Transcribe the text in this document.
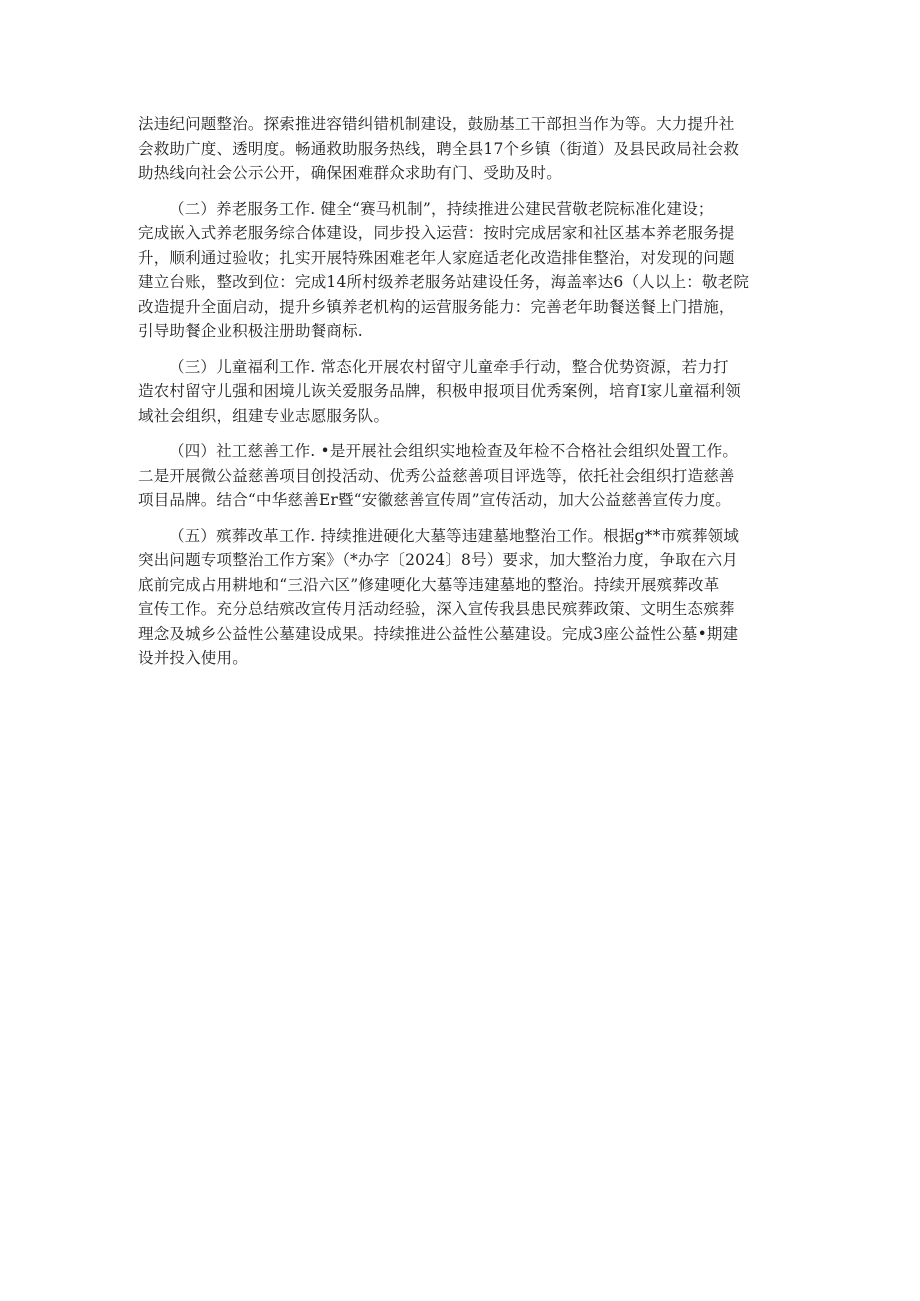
法违纪问题整治。探索推进容错纠错机制建设，鼓励基工干部担当作为等。大力提升社
会救助广度、透明度。畅通救助服务热线，聘全县17个乡镇（街道）及县民政局社会救
助热线向社会公示公开，确保困难群众求助有门、受助及时。
（二）养老服务工作. 健全“赛马机制”，持续推进公建民营敬老院标准化建设；
完成嵌入式养老服务综合体建设，同步投入运营：按时完成居家和社区基本养老服务提
升，顺利通过验收；扎实开展特殊困难老年人家庭适老化改造排隹整治，对发现的问题
建立台账，整改到位：完成14所村级养老服务站建设任务，海盖率达6（人以上：敬老院
改造提升全面启动，提升乡镇养老机构的运营服务能力：完善老年助餐送餐上门措施，
引导助餐企业积极注册助餐商标.
（三）儿童福利工作. 常态化开展农村留守儿童牵手行动，整合优势资源，若力打
造农村留守儿强和困境儿诙关爱服务品牌，积极申报项目优秀案例，培育I家儿童福利领
域社会组织，组建专业志愿服务队。
（四）社工慈善工作. •是开展社会组织实地检查及年检不合格社会组织处置工作。
二是开展微公益慈善项目创投活动、优秀公益慈善项目评选等，依托社会组织打造慈善
项目品牌。结合“中华慈善Er暨“安徽慈善宣传周”宣传活动，加大公益慈善宣传力度。
（五）殡葬改革工作. 持续推进硬化大墓等违建墓地整治工作。根据g**市殡葬领域
突出问题专项整治工作方案》（*办字〔2024〕8号）要求，加大整治力度，争取在六月
底前完成占用耕地和“三沿六区”修建哽化大墓等违建墓地的整治。持续开展殡葬改革
宣传工作。充分总结殡改宣传月活动经验，深入宣传我县患民殡葬政策、文明生态殡葬
理念及城乡公益性公墓建设成果。持续推进公益性公墓建设。完成3座公益性公墓•期建
设并投入使用。
